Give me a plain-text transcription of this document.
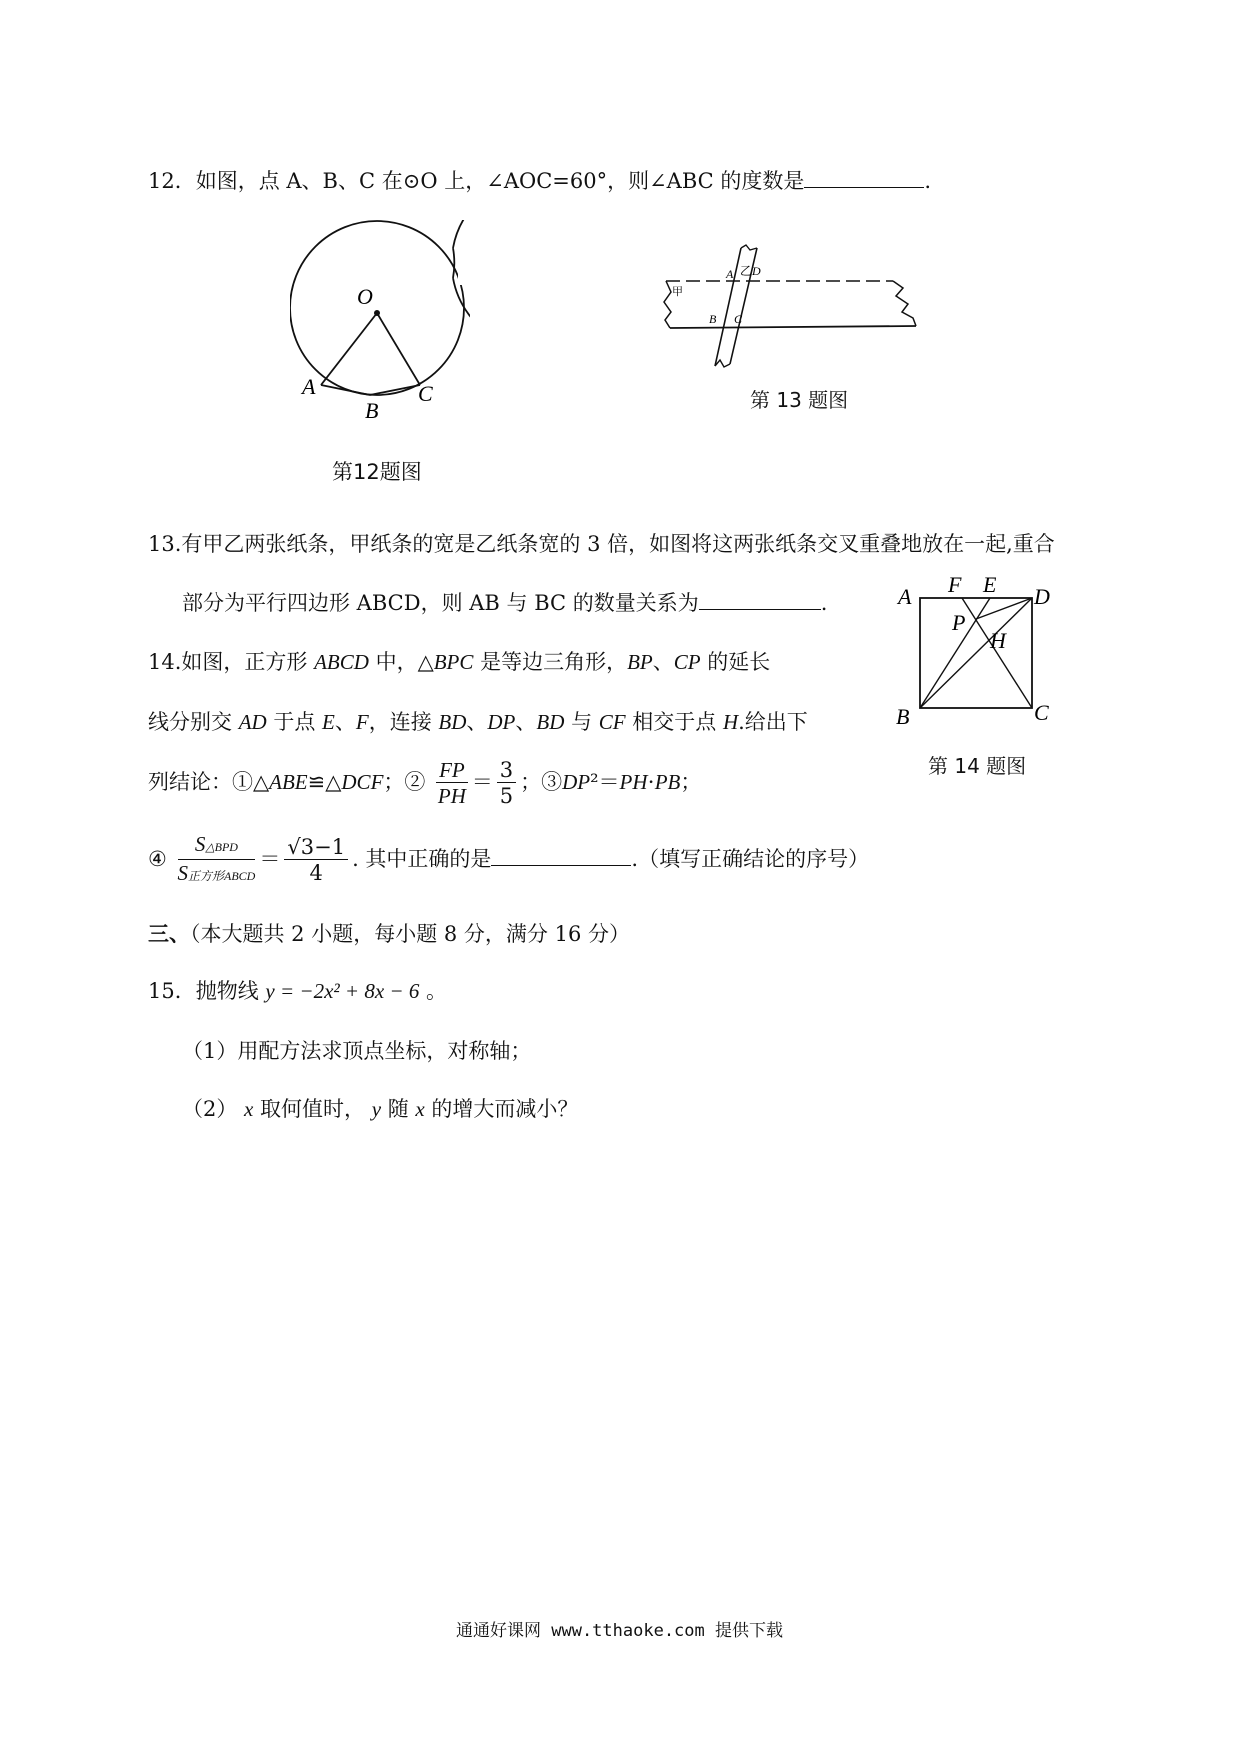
12．如图，点 A、B、C 在⊙O 上，∠AOC=60°，则∠ABC 的度数是	.
O
A
B
C
第12题图
甲
乙
A D
B C
第 13 题图
13.有甲乙两张纸条，甲纸条的宽是乙纸条宽的 3 倍，如图将这两张纸条交叉重叠地放在一起,重合
部分为平行四边形 ABCD，则 AB 与 BC 的数量关系为	.	A F E D
P
H
B	C
第 14 题图
14.如图，正方形 ABCD 中，△BPC 是等边三角形，BP、CP 的延长
线分别交 AD 于点 E、F，连接 BD、DP、BD 与 CF 相交于点 H.给出下
列结论：①△ABE≌△DCF；② $\frac{FP}{PH} = \frac{3}{5}$ ；③DP²＝PH⋅PB；
④ $\frac{\text{S△BPD}}{\text{S正方形ABCD}} = \frac{√3-1}{4}$ . 其中正确的是	.（填写正确结论的序号）
三、（本大题共 2 小题，每小题 8 分，满分 16 分）
15．抛物线 y = −2x² + 8x − 6 。
（1）用配方法求顶点坐标，对称轴；
（2） x 取何值时， y 随 x 的增大而减小？
通通好课网 www.tthaoke.com 提供下载
